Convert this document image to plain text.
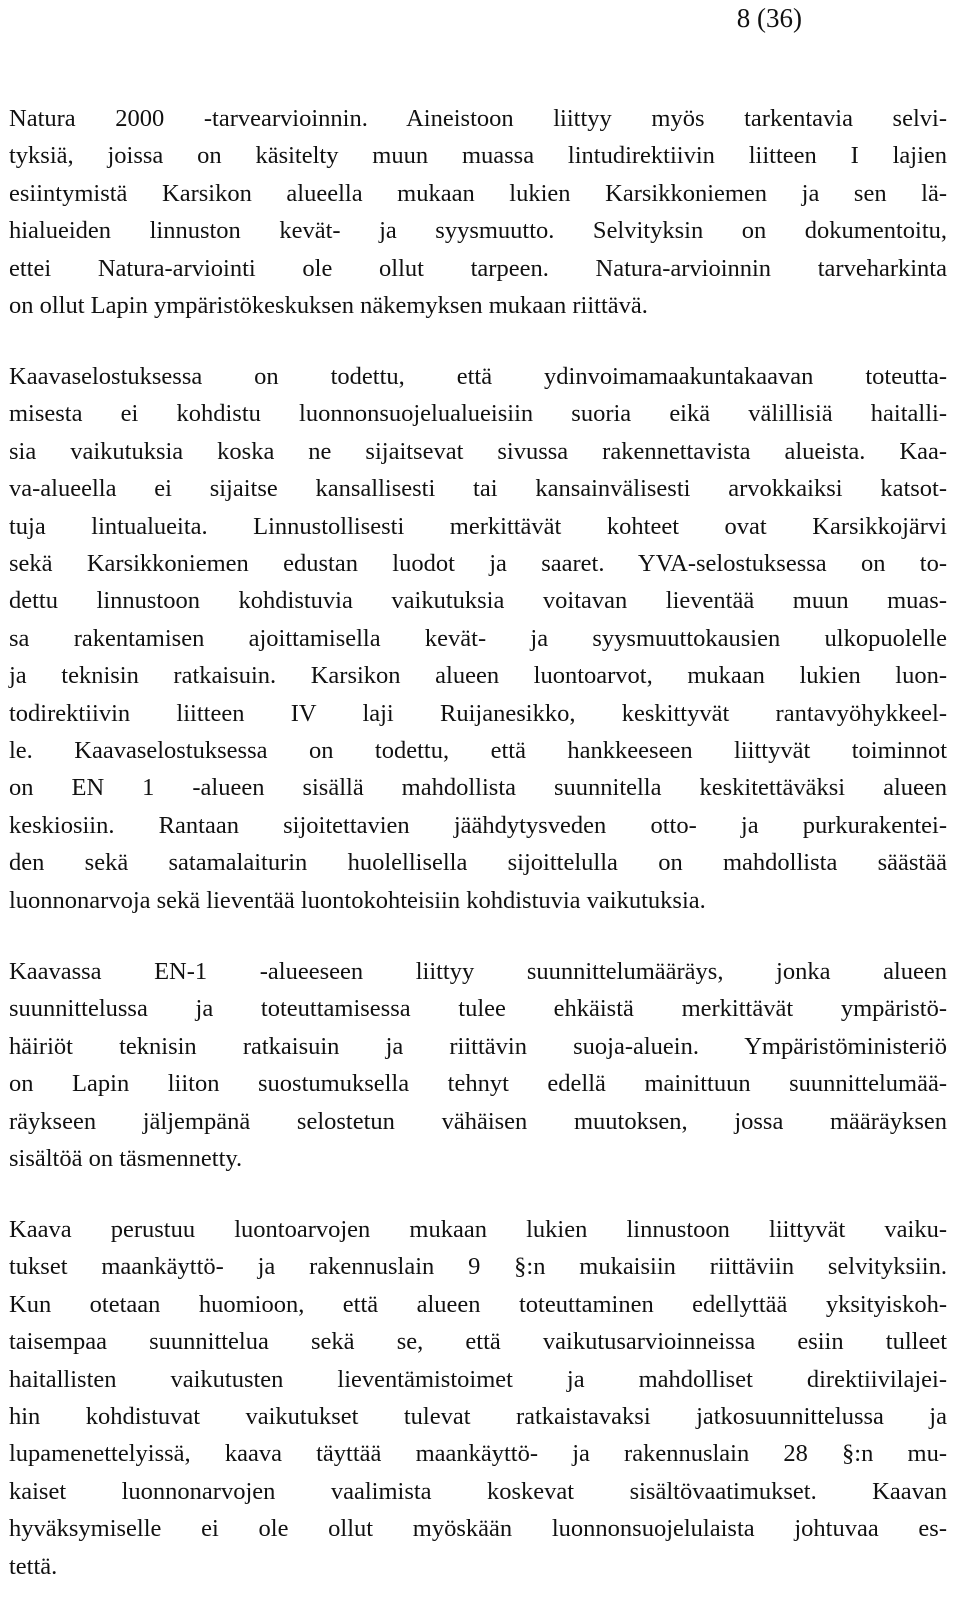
8 (36)

Natura 2000 -tarvearvioinnin. Aineistoon liittyy myös tarkentavia selvi-
tyksiä, joissa on käsitelty muun muassa lintudirektiivin liitteen I lajien
esiintymistä Karsikon alueella mukaan lukien Karsikkoniemen ja sen lä-
hialueiden linnuston kevät- ja syysmuutto. Selvityksin on dokumentoitu,
ettei Natura-arviointi ole ollut tarpeen. Natura-arvioinnin tarveharkinta
on ollut Lapin ympäristökeskuksen näkemyksen mukaan riittävä.

Kaavaselostuksessa on todettu, että ydinvoimamaakuntakaavan toteutta-
misesta ei kohdistu luonnonsuojelualueisiin suoria eikä välillisiä haitalli-
sia vaikutuksia koska ne sijaitsevat sivussa rakennettavista alueista. Kaa-
va-alueella ei sijaitse kansallisesti tai kansainvälisesti arvokkaiksi katsot-
tuja lintualueita. Linnustollisesti merkittävät kohteet ovat Karsikkojärvi
sekä Karsikkoniemen edustan luodot ja saaret. YVA-selostuksessa on to-
dettu linnustoon kohdistuvia vaikutuksia voitavan lieventää muun muas-
sa rakentamisen ajoittamisella kevät- ja syysmuuttokausien ulkopuolelle
ja teknisin ratkaisuin. Karsikon alueen luontoarvot, mukaan lukien luon-
todirektiivin liitteen IV laji Ruijanesikko, keskittyvät rantavyöhykkeel-
le. Kaavaselostuksessa on todettu, että hankkeeseen liittyvät toiminnot
on EN 1 -alueen sisällä mahdollista suunnitella keskitettäväksi alueen
keskiosiin. Rantaan sijoitettavien jäähdytysveden otto- ja purkurakentei-
den sekä satamalaiturin huolellisella sijoittelulla on mahdollista säästää
luonnonarvoja sekä lieventää luontokohteisiin kohdistuvia vaikutuksia.

Kaavassa EN-1 -alueeseen liittyy suunnittelumääräys, jonka alueen
suunnittelussa ja toteuttamisessa tulee ehkäistä merkittävät ympäristö-
häiriöt teknisin ratkaisuin ja riittävin suoja-aluein. Ympäristöministeriö
on Lapin liiton suostumuksella tehnyt edellä mainittuun suunnittelumää-
räykseen jäljempänä selostetun vähäisen muutoksen, jossa määräyksen
sisältöä on täsmennetty.

Kaava perustuu luontoarvojen mukaan lukien linnustoon liittyvät vaiku-
tukset maankäyttö- ja rakennuslain 9 §:n mukaisiin riittäviin selvityksiin.
Kun otetaan huomioon, että alueen toteuttaminen edellyttää yksityiskoh-
taisempaa suunnittelua sekä se, että vaikutusarvioinneissa esiin tulleet
haitallisten vaikutusten lieventämistoimet ja mahdolliset direktiivilajei-
hin kohdistuvat vaikutukset tulevat ratkaistavaksi jatkosuunnittelussa ja
lupamenettelyissä, kaava täyttää maankäyttö- ja rakennuslain 28 §:n mu-
kaiset luonnonarvojen vaalimista koskevat sisältövaatimukset. Kaavan
hyväksymiselle ei ole ollut myöskään luonnonsuojelulaista johtuvaa es-
tettä.
